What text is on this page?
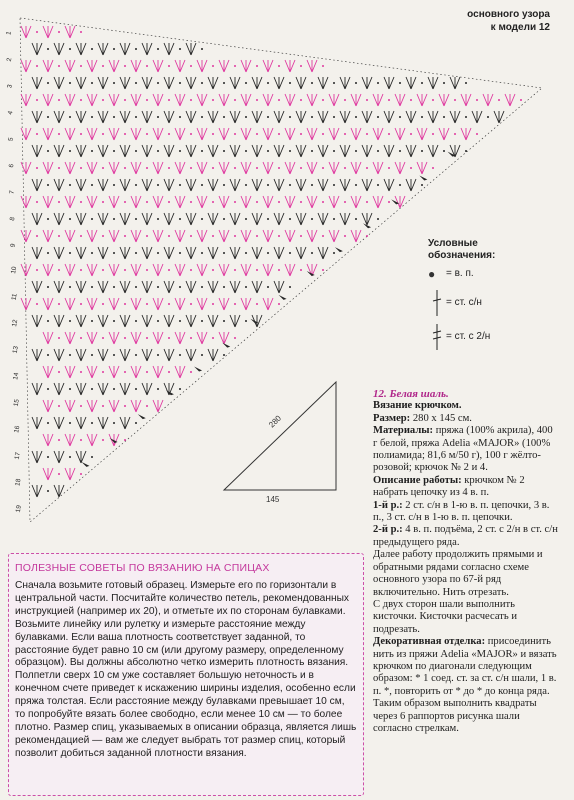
основного узора
к модели 12
1
2
3
4
5
6
7
8
9
10
11
12
13
14
15
16
17
18
19
Условные
обозначения:
● = в. п.
= ст. с/н
= ст. с 2/н
280
145

12. Белая шаль.

Вязание крючком.

Размер: 280 x 145 см.

Материалы: пряжа (100% акрила), 400 г белой, пряжа Adelia «MAJOR» (100% полиамида; 81,6 м/50 г), 100 г жёлто-розовой; крючок № 2 и 4.

Описание работы: крючком № 2 набрать цепочку из 4 в. п.

1-й р.: 2 ст. с/н в 1-ю в. п. цепочки, 3 в. п., 3 ст. с/н в 1-ю в. п. цепочки.

2-й р.: 4 в. п. подъёма, 2 ст. с 2/н в ст. с/н предыдущего ряда.

Далее работу продолжить прямыми и обратными рядами согласно схеме основного узора по 67-й ряд включительно. Нить отрезать.

С двух сторон шали выполнить кисточки. Кисточки расчесать и подрезать.

Декоративная отделка: присоединить нить из пряжи Adelia «MAJOR» и вязать крючком по диагонали следующим образом: * 1 соед. ст. за ст. с/н шали, 1 в. п. *, повторить от * до * до конца ряда. Таким образом выполнить квадраты через 6 раппортов рисунка шали согласно стрелкам.

ПОЛЕЗНЫЕ СОВЕТЫ ПО ВЯЗАНИЮ НА СПИЦАХ
Сначала возьмите готовый образец. Измерьте его по горизонтали в центральной части. Посчитайте количество петель, рекомендованных инструкцией (например их 20), и отметьте их по сторонам булавками. Возьмите линейку или рулетку и измерьте расстояние между булавками. Если ваша плотность соответствует заданной, то расстояние будет равно 10 см (или другому размеру, определенному образцом). Вы должны абсолютно четко измерить плотность вязания. Полпетли сверх 10 см уже составляет большую неточность и в конечном счете приведет к искажению ширины изделия, особенно если пряжа толстая. Если расстояние между булавками превышает 10 см, то попробуйте вязать более свободно, если менее 10 см — то более плотно. Размер спиц, указываемых в описании образца, является лишь рекомендацией — вам же следует выбрать тот размер спиц, который позволит добиться заданной плотности вязания.
